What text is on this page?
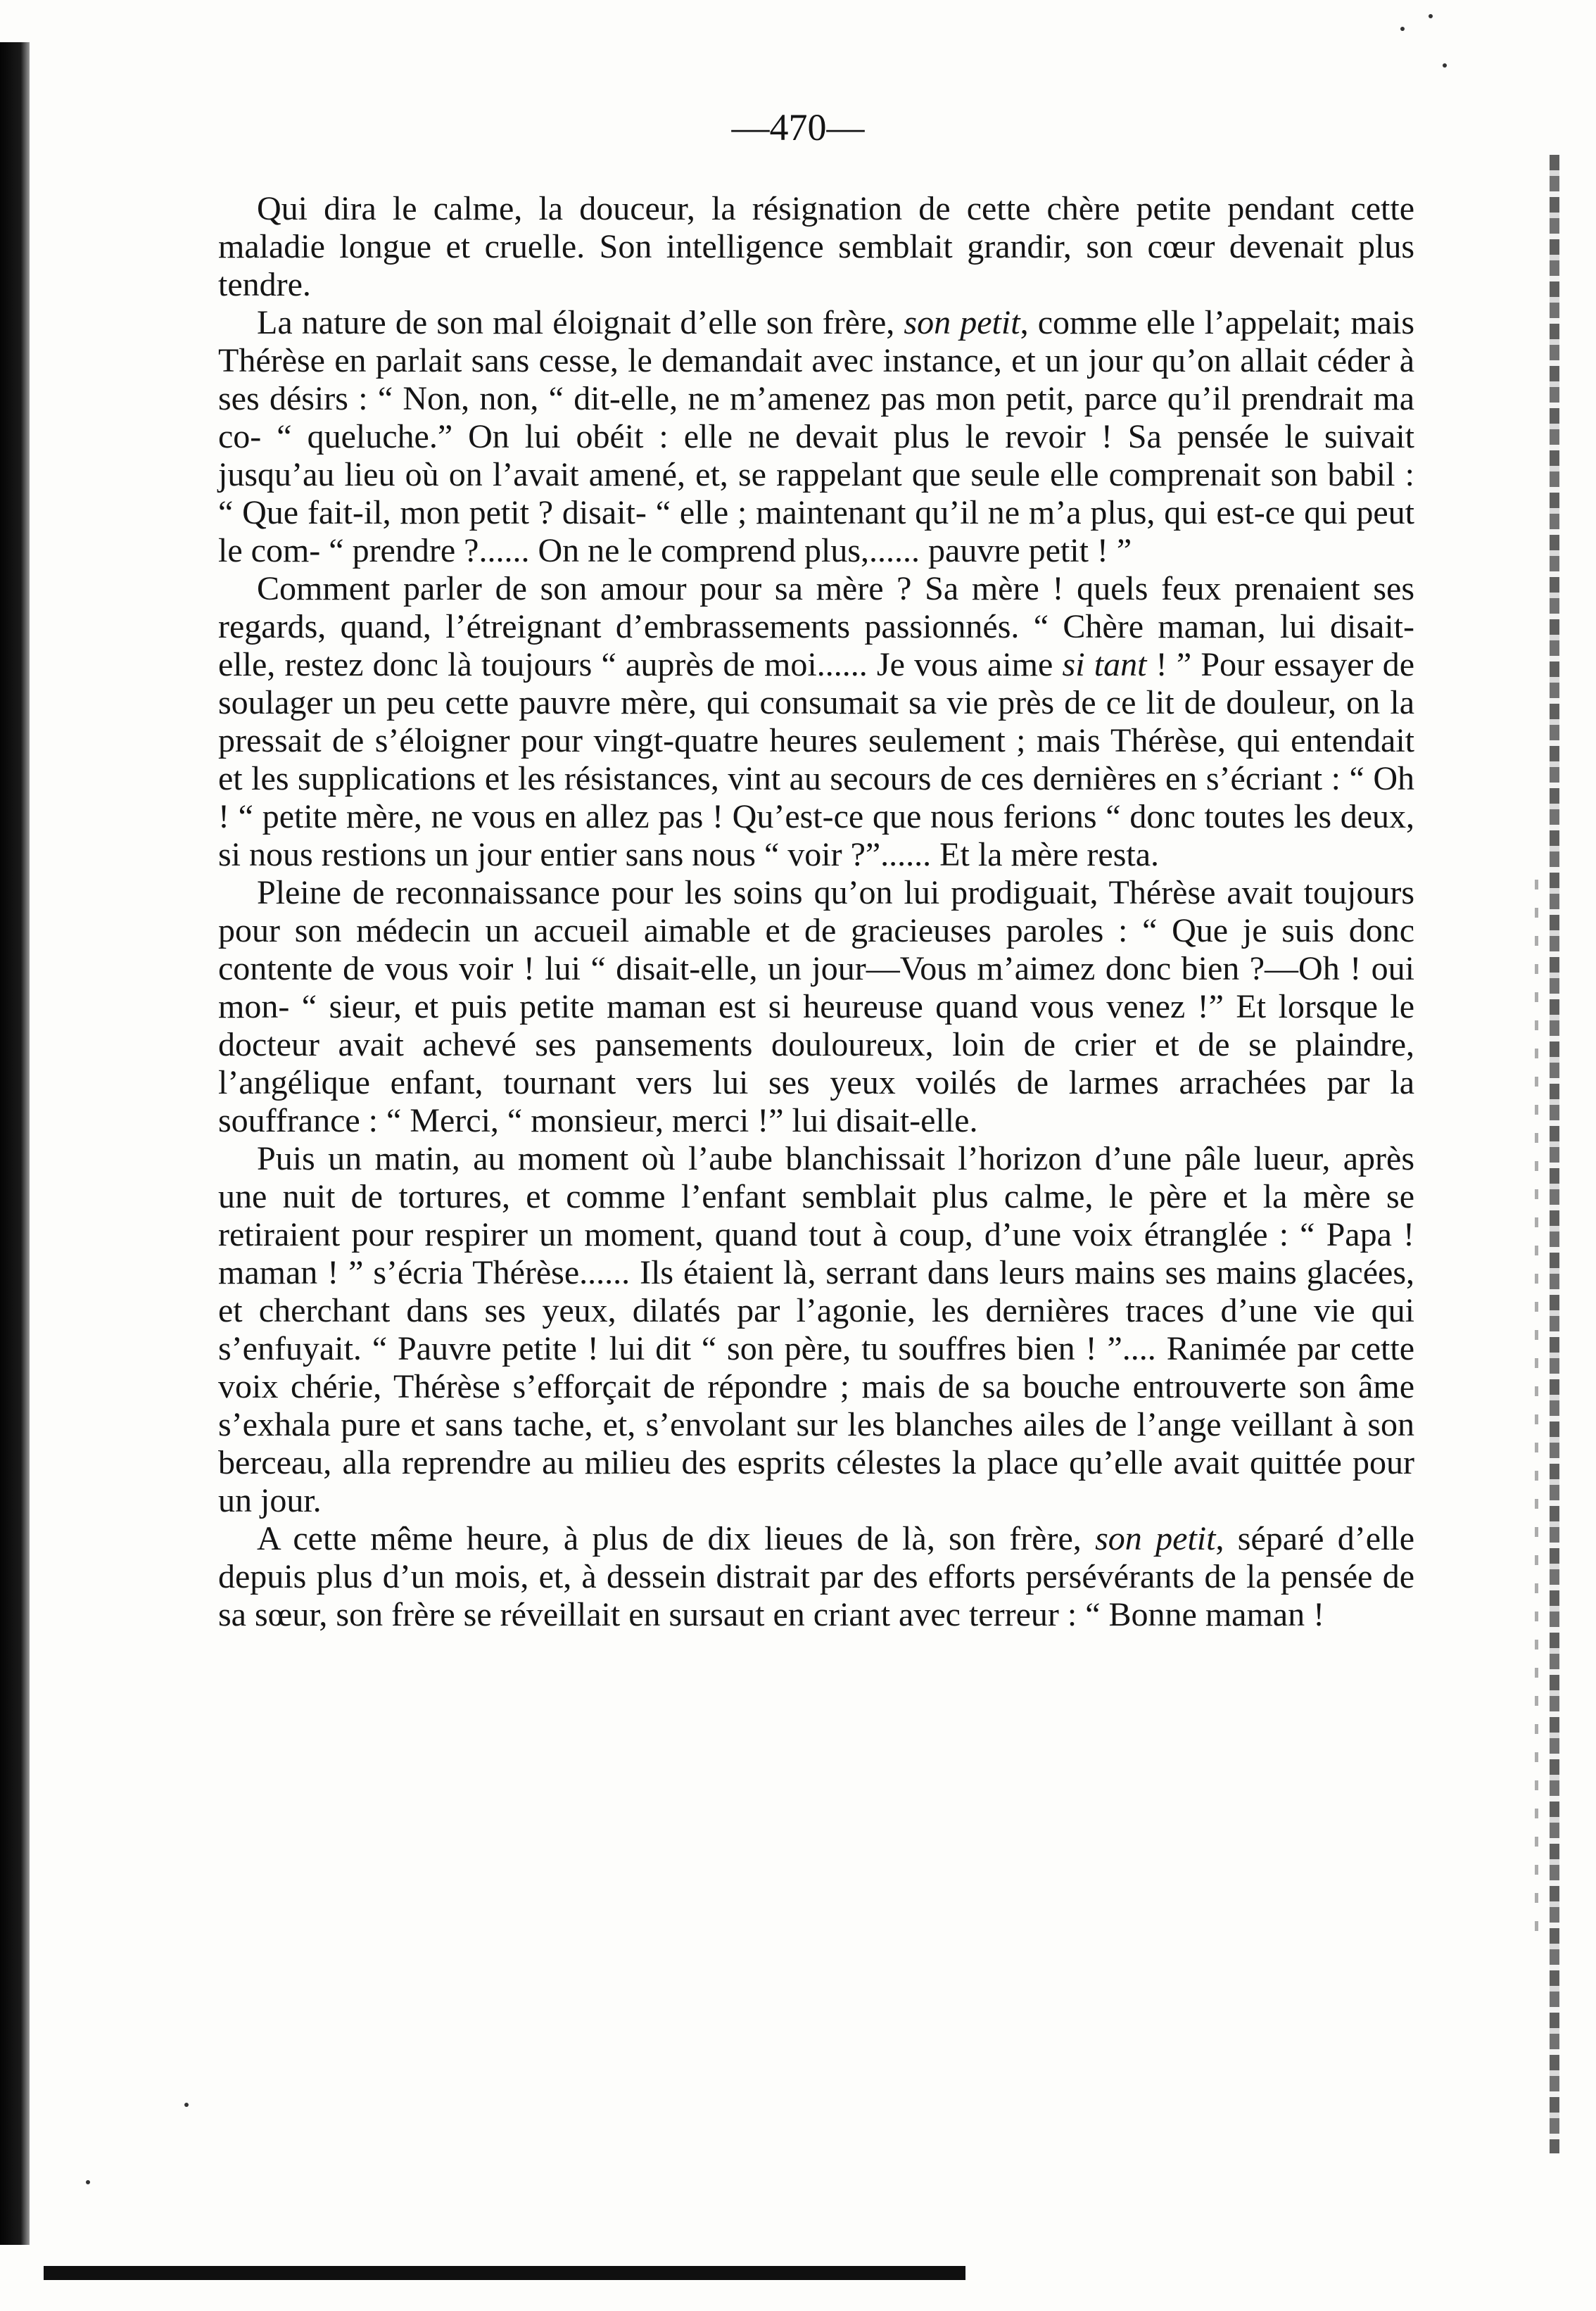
—470—

Qui dira le calme, la douceur, la résignation de cette chère petite pendant cette maladie longue et cruelle. Son intelligence semblait grandir, son cœur devenait plus tendre.

La nature de son mal éloignait d’elle son frère, son petit, comme elle l’appelait; mais Thérèse en parlait sans cesse, le demandait avec instance, et un jour qu’on allait céder à ses désirs : “ Non, non, “ dit-elle, ne m’amenez pas mon petit, parce qu’il prendrait ma co- “ queluche.” On lui obéit : elle ne devait plus le revoir ! Sa pensée le suivait jusqu’au lieu où on l’avait amené, et, se rappelant que seule elle comprenait son babil : “ Que fait-il, mon petit ? disait- “ elle ; maintenant qu’il ne m’a plus, qui est-ce qui peut le com- “ prendre ?...... On ne le comprend plus,...... pauvre petit ! ”

Comment parler de son amour pour sa mère ? Sa mère ! quels feux prenaient ses regards, quand, l’étreignant d’embrassements passionnés. “ Chère maman, lui disait-elle, restez donc là toujours “ auprès de moi...... Je vous aime si tant ! ” Pour essayer de soulager un peu cette pauvre mère, qui consumait sa vie près de ce lit de douleur, on la pressait de s’éloigner pour vingt-quatre heures seulement ; mais Thérèse, qui entendait et les supplications et les résistances, vint au secours de ces dernières en s’écriant : “ Oh ! “ petite mère, ne vous en allez pas ! Qu’est-ce que nous ferions “ donc toutes les deux, si nous restions un jour entier sans nous “ voir ?”...... Et la mère resta.

Pleine de reconnaissance pour les soins qu’on lui prodiguait, Thérèse avait toujours pour son médecin un accueil aimable et de gracieuses paroles : “ Que je suis donc contente de vous voir ! lui “ disait-elle, un jour—Vous m’aimez donc bien ?—Oh ! oui mon- “ sieur, et puis petite maman est si heureuse quand vous venez !” Et lorsque le docteur avait achevé ses pansements douloureux, loin de crier et de se plaindre, l’angélique enfant, tournant vers lui ses yeux voilés de larmes arrachées par la souffrance : “ Merci, “ monsieur, merci !” lui disait-elle.

Puis un matin, au moment où l’aube blanchissait l’horizon d’une pâle lueur, après une nuit de tortures, et comme l’enfant semblait plus calme, le père et la mère se retiraient pour respirer un moment, quand tout à coup, d’une voix étranglée : “ Papa ! maman ! ” s’écria Thérèse...... Ils étaient là, serrant dans leurs mains ses mains glacées, et cherchant dans ses yeux, dilatés par l’agonie, les dernières traces d’une vie qui s’enfuyait. “ Pauvre petite ! lui dit “ son père, tu souffres bien ! ”.... Ranimée par cette voix chérie, Thérèse s’efforçait de répondre ; mais de sa bouche entrouverte son âme s’exhala pure et sans tache, et, s’envolant sur les blanches ailes de l’ange veillant à son berceau, alla reprendre au milieu des esprits célestes la place qu’elle avait quittée pour un jour.

A cette même heure, à plus de dix lieues de là, son frère, son petit, séparé d’elle depuis plus d’un mois, et, à dessein distrait par des efforts persévérants de la pensée de sa sœur, son frère se réveillait en sursaut en criant avec terreur : “ Bonne maman !
